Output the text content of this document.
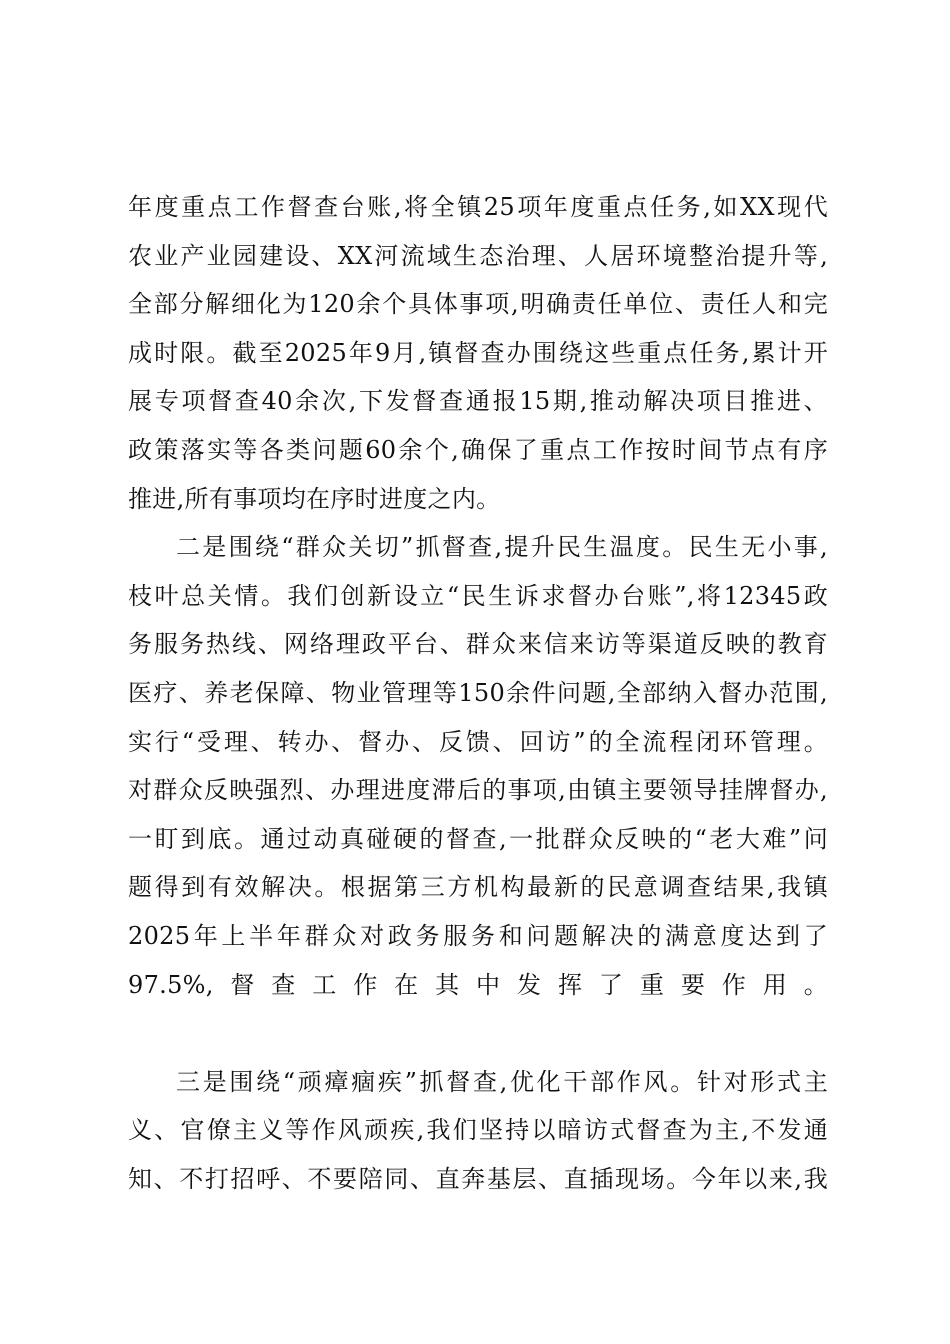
年度重点工作督查台账,将全镇25项年度重点任务,如XX现代
农业产业园建设、XX河流域生态治理、人居环境整治提升等,
全部分解细化为120余个具体事项,明确责任单位、责任人和完
成时限。截至2025年9月,镇督查办围绕这些重点任务,累计开
展专项督查40余次,下发督查通报15期,推动解决项目推进、
政策落实等各类问题60余个,确保了重点工作按时间节点有序
推进,所有事项均在序时进度之内。
二是围绕“群众关切”抓督查,提升民生温度。民生无小事,
枝叶总关情。我们创新设立“民生诉求督办台账”,将12345政
务服务热线、网络理政平台、群众来信来访等渠道反映的教育
医疗、养老保障、物业管理等150余件问题,全部纳入督办范围,
实行“受理、转办、督办、反馈、回访”的全流程闭环管理。
对群众反映强烈、办理进度滞后的事项,由镇主要领导挂牌督办,
一盯到底。通过动真碰硬的督查,一批群众反映的“老大难”问
题得到有效解决。根据第三方机构最新的民意调查结果,我镇
2025年上半年群众对政务服务和问题解决的满意度达到了
97.5%,督查工作在其中发挥了重要作用。
三是围绕“顽瘴痼疾”抓督查,优化干部作风。针对形式主
义、官僚主义等作风顽疾,我们坚持以暗访式督查为主,不发通
知、不打招呼、不要陪同、直奔基层、直插现场。今年以来,我
